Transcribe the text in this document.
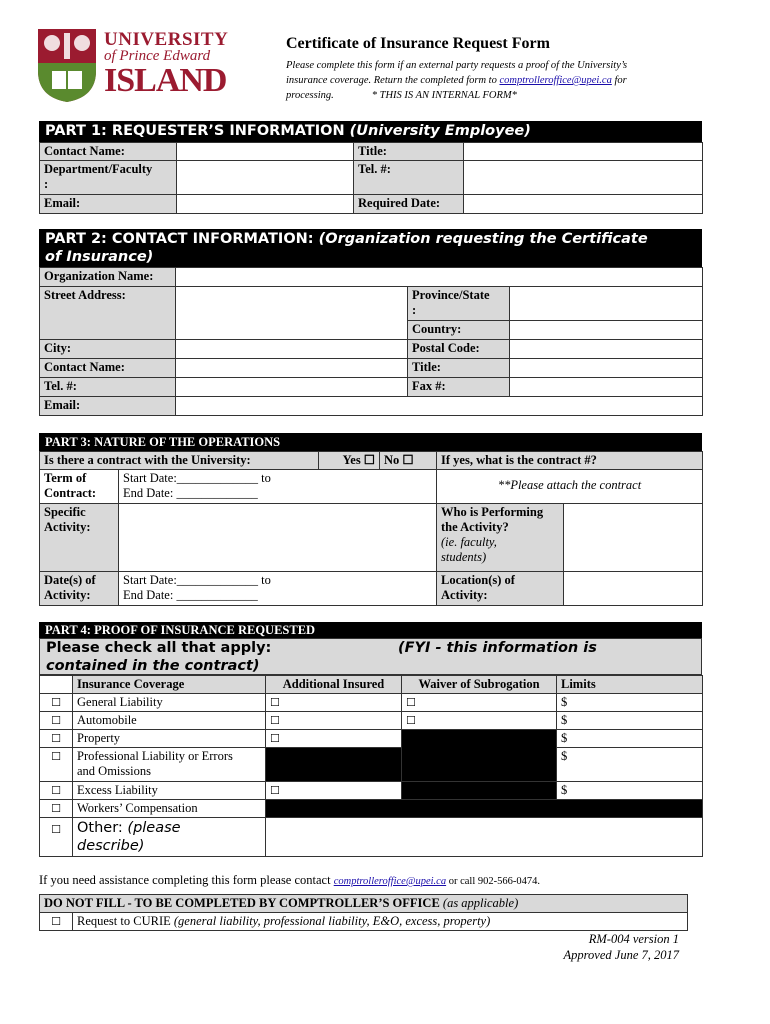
UNIVERSITY
of Prince Edward
ISLAND
Certificate of Insurance Request Form
Please complete this form if an external party requests a proof of the University’s
insurance coverage. Return the completed form to comptrolleroffice@upei.ca for
processing.	* THIS IS AN INTERNAL FORM*
PART 1: REQUESTER’S INFORMATION (University Employee)
Contact Name:		Title:	

Department/Faculty
:		Tel. #:	
Email:		Required Date:	
PART 2: CONTACT INFORMATION: (Organization requesting the Certificate
of Insurance)
Organization Name:			
Street Address:		Province/State
:	

		Country:	
City:		Postal Code:	
Contact Name:		Title:	
Tel. #:		Fax #:	
Email:			
PART 3: NATURE OF THE OPERATIONS
Is there a contract with the University:		Yes ☐	No ☐	If yes, what is the contract #?	

Term of
Contract:	Start Date:_____________ to
End Date: _____________			**Please attach the contract	

Specific
Activity:				Who is Performing
the Activity?
(ie. faculty,
students)	

Date(s) of
Activity:	Start Date:_____________ to
End Date: _____________			Location(s) of
Activity:	

PART 4: PROOF OF INSURANCE REQUESTED
Please check all that apply:	(FYI - this information is

contained in the contract)
	Insurance Coverage	Additional Insured	Waiver of Subrogation	Limits
☐	General Liability	☐	☐	$
☐	Automobile	☐	☐	$
☐	Property	☐		$
☐	Professional Liability or Errors
and Omissions			$
☐	Excess Liability	☐		$
☐	Workers’ Compensation			
☐	Other: (please
describe)			
If you need assistance completing this form please contact comptrolleroffice@upei.ca or call 902-566-0474.
DO NOT FILL - TO BE COMPLETED BY COMPTROLLER’S OFFICE (as applicable)
☐	Request to CURIE (general liability, professional liability, E&O, excess, property)
RM-004 version 1
Approved June 7, 2017
